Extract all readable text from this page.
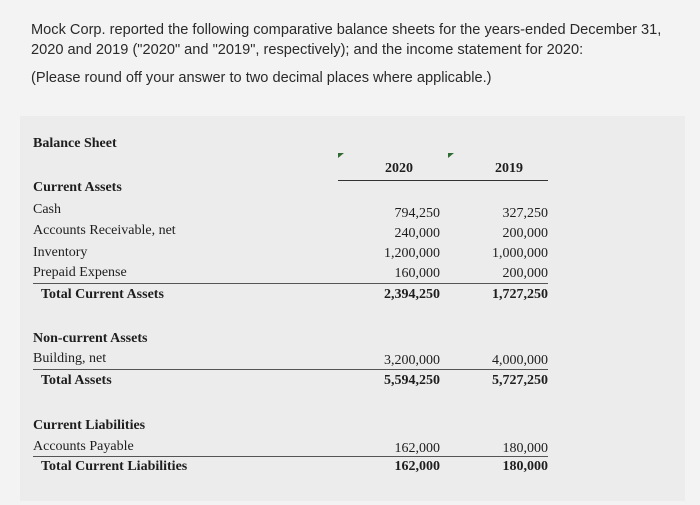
Mock Corp. reported the following comparative balance sheets for the years-ended December 31,

2020 and 2019 ("2020" and "2019", respectively); and the income statement for 2020:

(Please round off your answer to two decimal places where applicable.)

Balance Sheet
2020	2019
Current Assets
Cash	794,250	327,250
Accounts Receivable, net	240,000	200,000
Inventory	1,200,000	1,000,000
Prepaid Expense	160,000	200,000
Total Current Assets	2,394,250	1,727,250
Non-current Assets
Building, net	3,200,000	4,000,000
Total Assets	5,594,250	5,727,250
Current Liabilities
Accounts Payable	162,000	180,000
Total Current Liabilities	162,000	180,000
